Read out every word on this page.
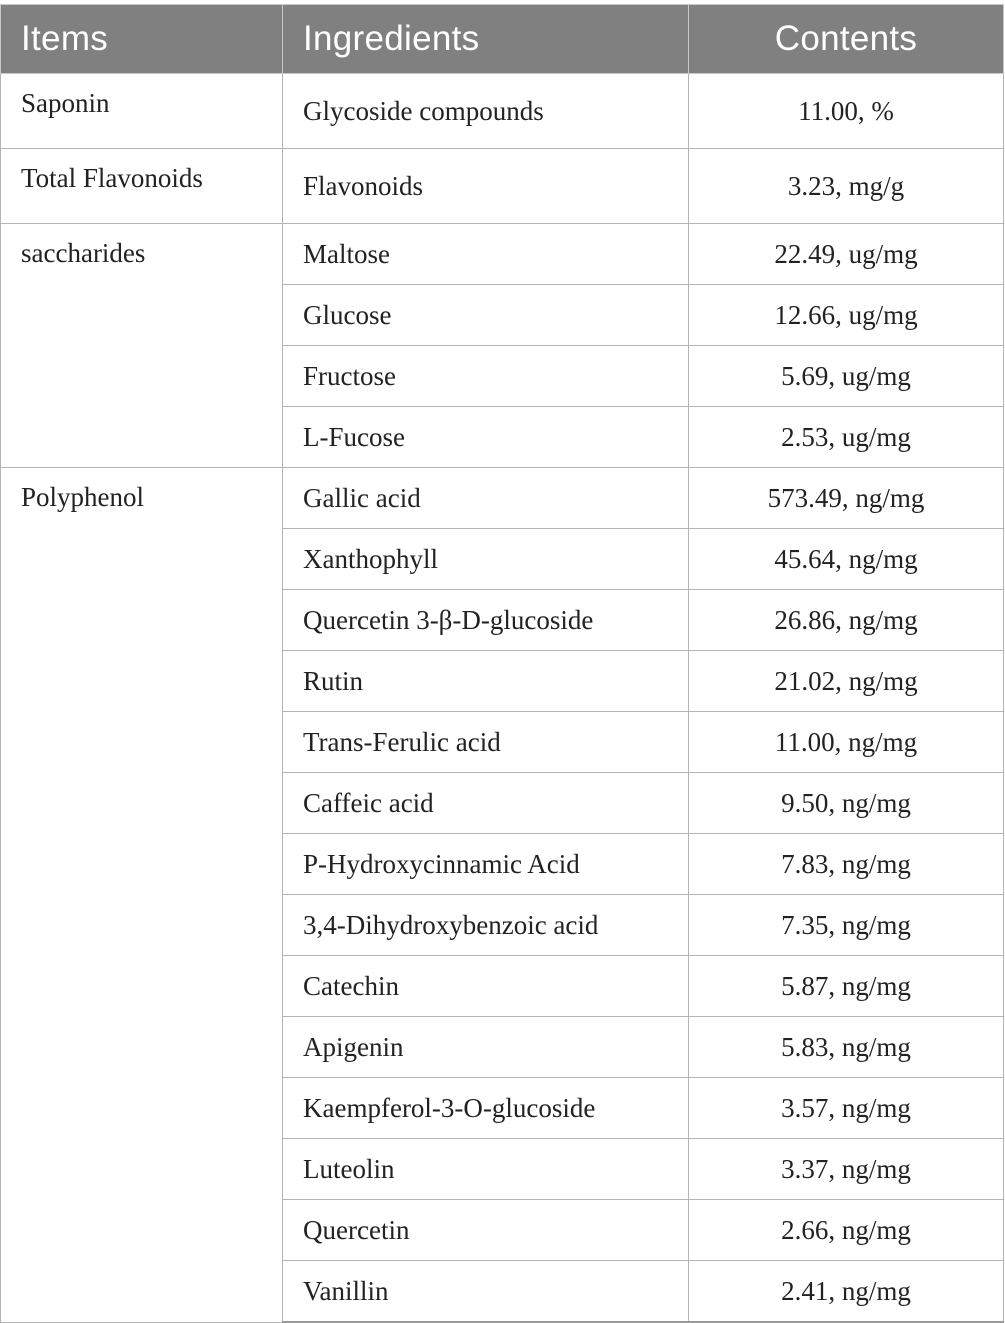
Items	Ingredients	Contents
Saponin	Glycoside compounds	11.00, %
Total Flavonoids	Flavonoids	3.23, mg/g
saccharides	Maltose	22.49, ug/mg
	Glucose	12.66, ug/mg
	Fructose	5.69, ug/mg
	L-Fucose	2.53, ug/mg
Polyphenol	Gallic acid	573.49, ng/mg
	Xanthophyll	45.64, ng/mg
	Quercetin 3-β-D-glucoside	26.86, ng/mg
	Rutin	21.02, ng/mg
	Trans-Ferulic acid	11.00, ng/mg
	Caffeic acid	9.50, ng/mg
	P-Hydroxycinnamic Acid	7.83, ng/mg
	3,4-Dihydroxybenzoic acid	7.35, ng/mg
	Catechin	5.87, ng/mg
	Apigenin	5.83, ng/mg
	Kaempferol-3-O-glucoside	3.57, ng/mg
	Luteolin	3.37, ng/mg
	Quercetin	2.66, ng/mg
	Vanillin	2.41, ng/mg
